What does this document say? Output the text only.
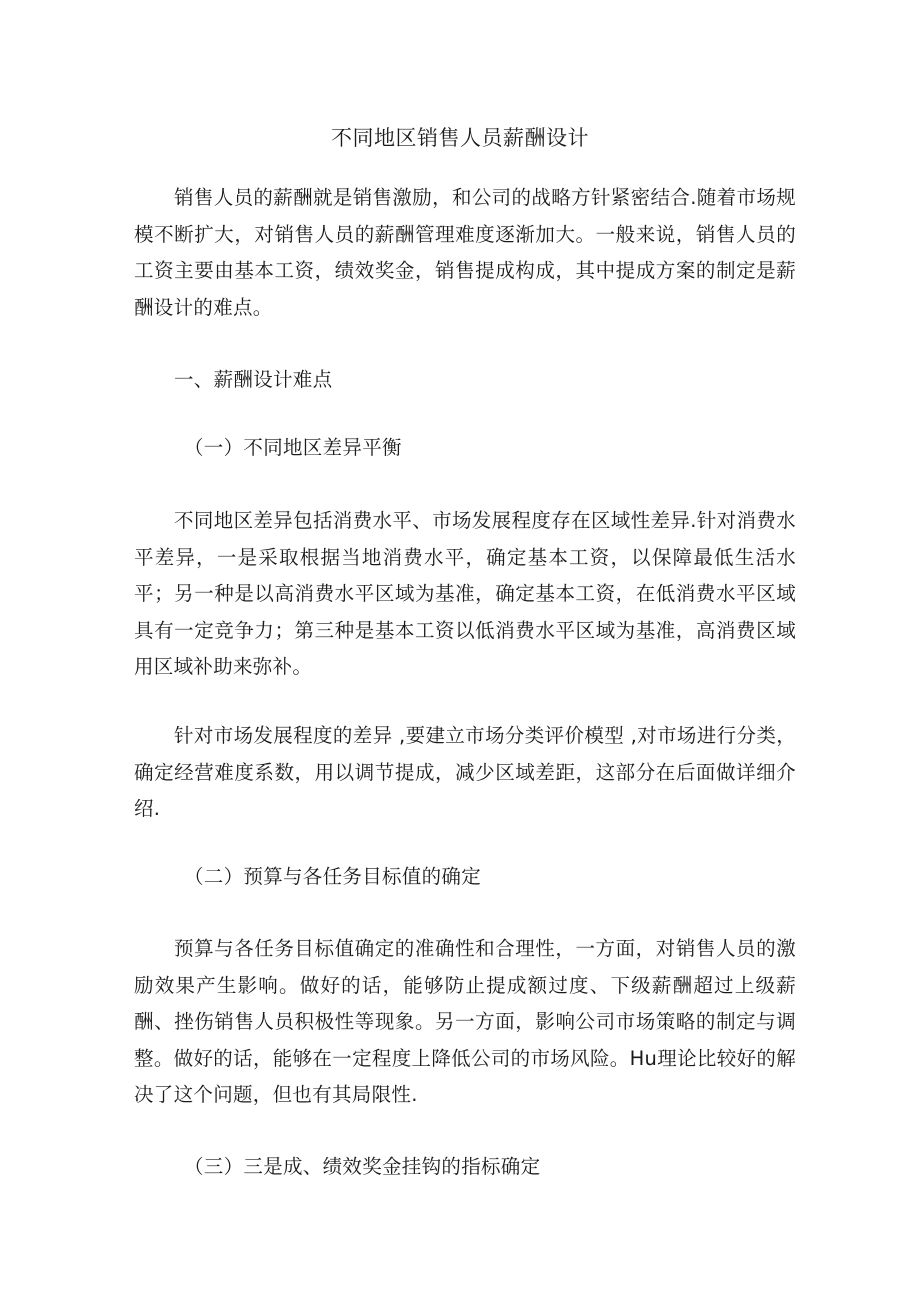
不同地区销售人员薪酬设计

销售人员的薪酬就是销售激励，和公司的战略方针紧密结合.随着市场规模不断扩大，对销售人员的薪酬管理难度逐渐加大。一般来说，销售人员的工资主要由基本工资，绩效奖金，销售提成构成，其中提成方案的制定是薪酬设计的难点。

一、薪酬设计难点
（一）不同地区差异平衡

不同地区差异包括消费水平、市场发展程度存在区域性差异.针对消费水平差异，一是采取根据当地消费水平，确定基本工资，以保障最低生活水平；另一种是以高消费水平区域为基准，确定基本工资，在低消费水平区域具有一定竞争力；第三种是基本工资以低消费水平区域为基准，高消费区域用区域补助来弥补。

针对市场发展程度的差异 ,要建立市场分类评价模型 ,对市场进行分类，确定经营难度系数，用以调节提成，减少区域差距，这部分在后面做详细介绍.

（二）预算与各任务目标值的确定

预算与各任务目标值确定的准确性和合理性，一方面，对销售人员的激励效果产生影响。做好的话，能够防止提成额过度、下级薪酬超过上级薪酬、挫伤销售人员积极性等现象。另一方面，影响公司市场策略的制定与调整。做好的话，能够在一定程度上降低公司的市场风险。Hu理论比较好的解决了这个问题，但也有其局限性.

（三）三是成、绩效奖金挂钩的指标确定
